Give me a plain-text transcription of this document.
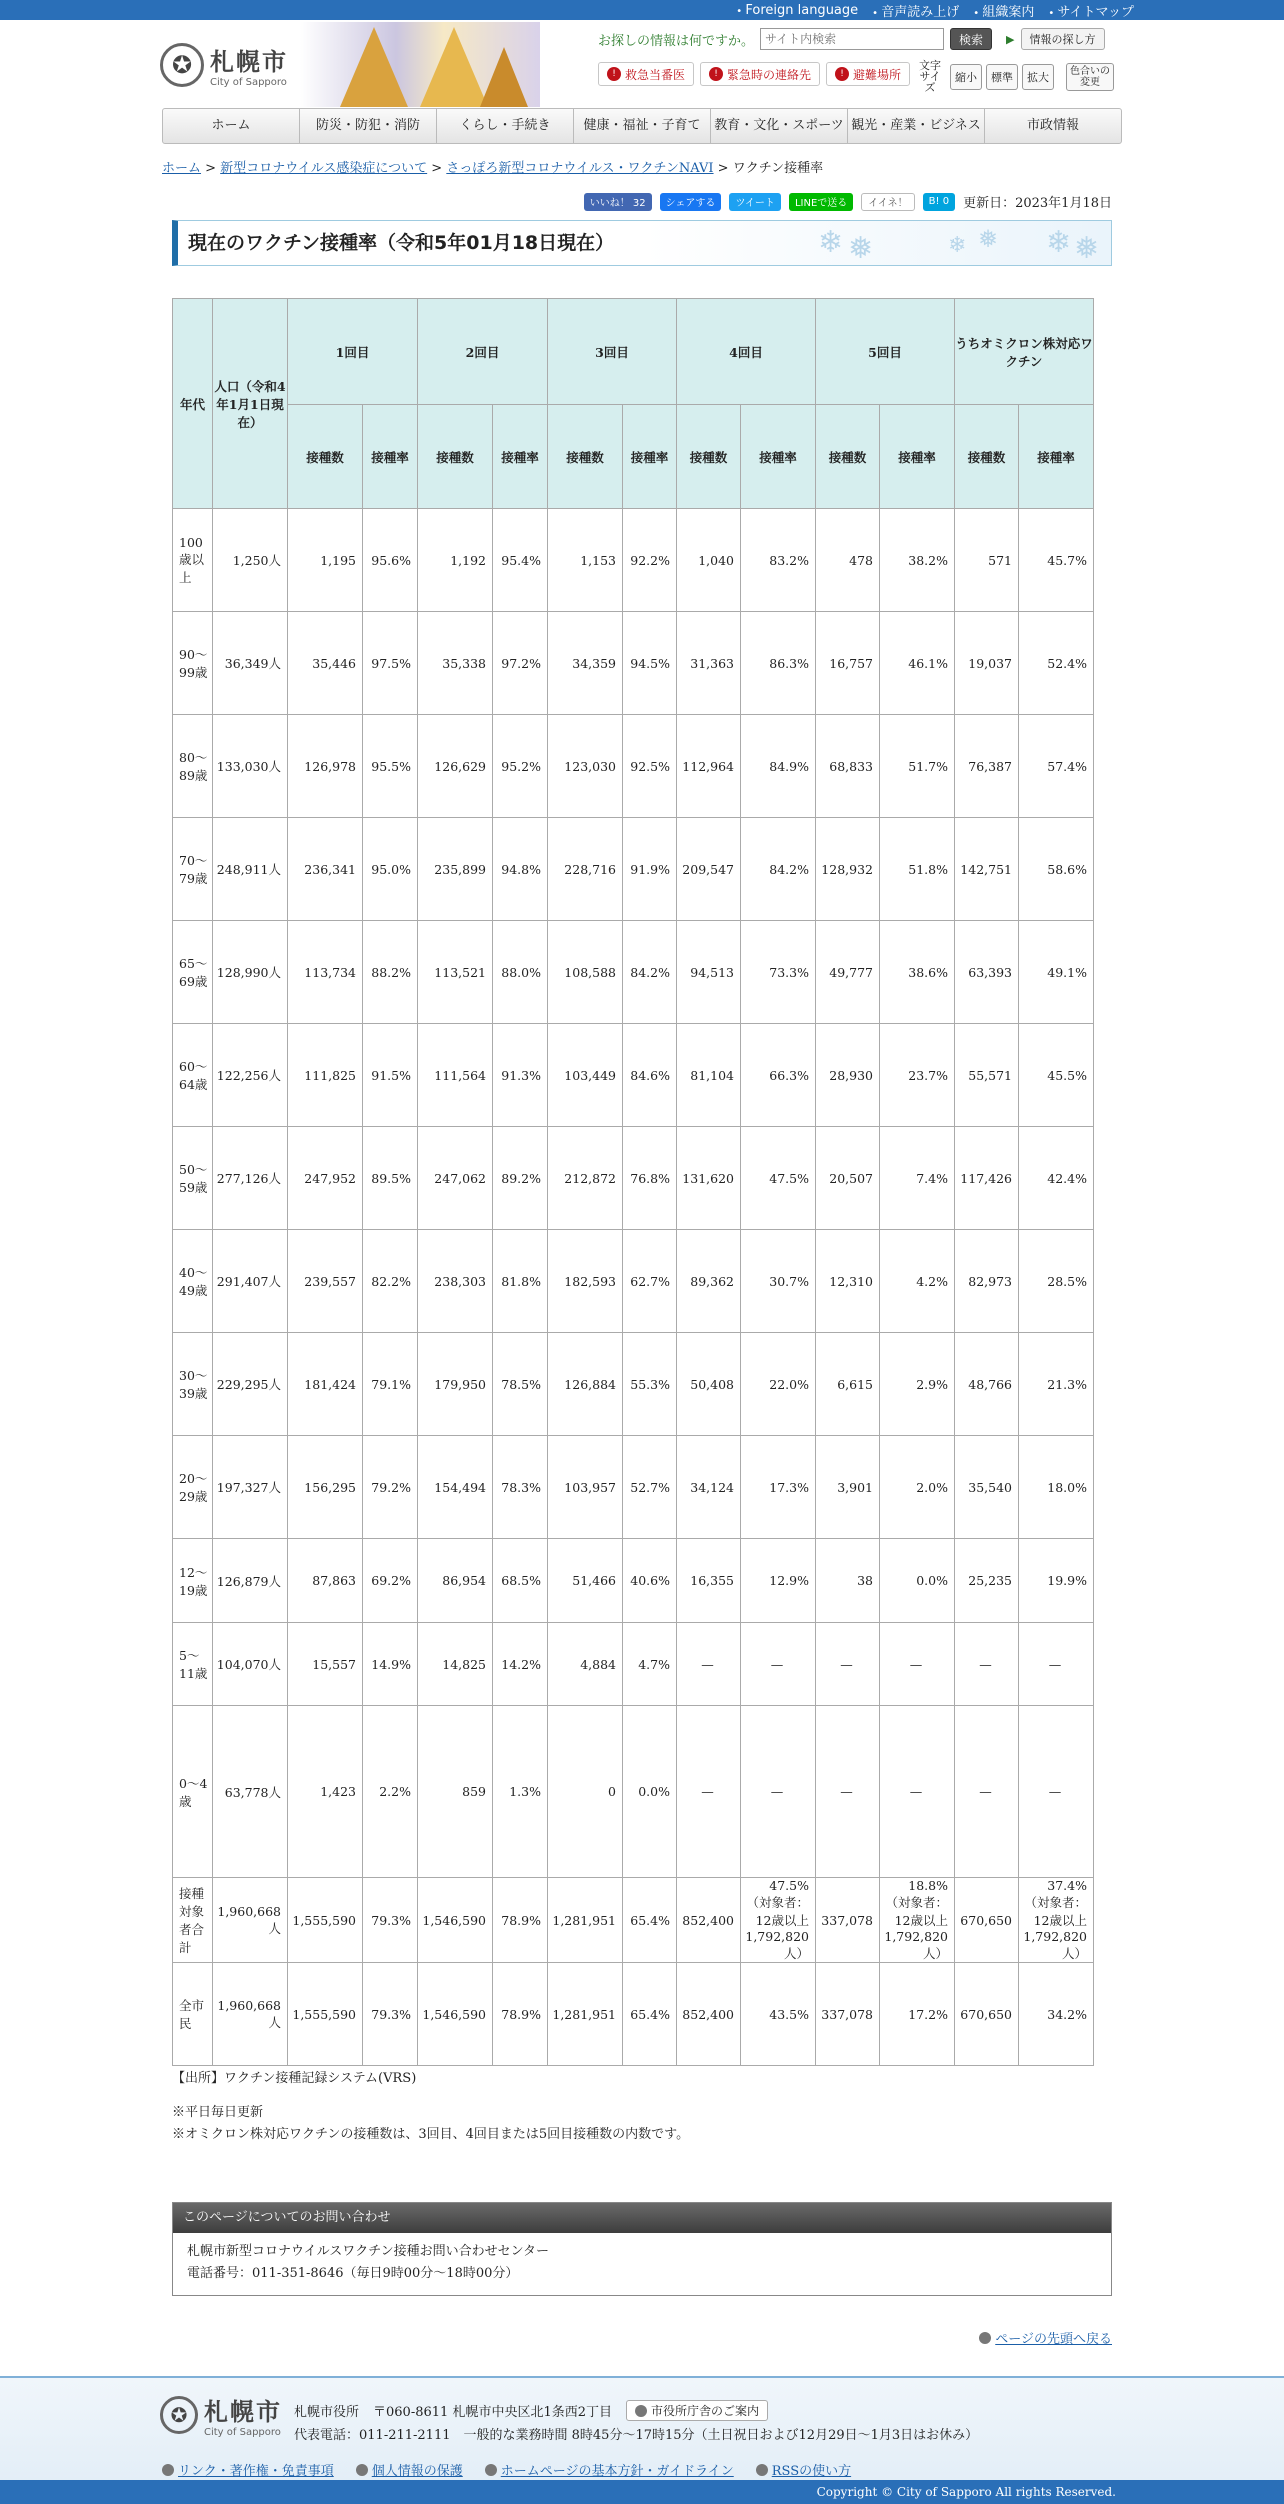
• Foreign language	• 音声読み上げ	• 組織案内	• サイトマップ
✪ 札幌市
City of Sapporo
お探しの情報は何ですか。
サイト内検索	検索	▶	情報の探し方
! 救急当番医	! 緊急時の連絡先	! 避難場所
文字サイズ
縮小	標準	拡大	色合いの変更
ホーム	防災・防犯・消防	くらし・手続き	健康・福祉・子育て	教育・文化・スポーツ 観光・産業・ビジネス	市政情報
ホーム > 新型コロナウイルス感染症について > さっぽろ新型コロナウイルス・ワクチンNAVI > ワクチン接種率
いいね！ 32	シェアする	ツイート	LINEで送る	イイネ！	B! 0	更新日：2023年1月18日
現在のワクチン接種率（令和5年01月18日現在）	❄ ❅	❄ ❅ ❄ ❅
年代	人口（令和4年1月1日現在）	1回目		2回目		3回目		4回目		5回目		うちオミクロン株対応ワクチン	
		接種数	接種率	接種数	接種率	接種数	接種率	接種数	接種率	接種数	接種率	接種数	接種率
100歳以上	1,250人	1,195	95.6%	1,192	95.4%	1,153	92.2%	1,040	83.2%	478	38.2%	571	45.7%
90～99歳	36,349人	35,446	97.5%	35,338	97.2%	34,359	94.5%	31,363	86.3%	16,757	46.1%	19,037	52.4%
80～89歳	133,030人	126,978	95.5%	126,629	95.2%	123,030	92.5%	112,964	84.9%	68,833	51.7%	76,387	57.4%
70～79歳	248,911人	236,341	95.0%	235,899	94.8%	228,716	91.9%	209,547	84.2%	128,932	51.8%	142,751	58.6%
65～69歳	128,990人	113,734	88.2%	113,521	88.0%	108,588	84.2%	94,513	73.3%	49,777	38.6%	63,393	49.1%
60～64歳	122,256人	111,825	91.5%	111,564	91.3%	103,449	84.6%	81,104	66.3%	28,930	23.7%	55,571	45.5%
50～59歳	277,126人	247,952	89.5%	247,062	89.2%	212,872	76.8%	131,620	47.5%	20,507	7.4%	117,426	42.4%
40～49歳	291,407人	239,557	82.2%	238,303	81.8%	182,593	62.7%	89,362	30.7%	12,310	4.2%	82,973	28.5%
30～39歳	229,295人	181,424	79.1%	179,950	78.5%	126,884	55.3%	50,408	22.0%	6,615	2.9%	48,766	21.3%
20～29歳	197,327人	156,295	79.2%	154,494	78.3%	103,957	52.7%	34,124	17.3%	3,901	2.0%	35,540	18.0%
12～19歳	126,879人	87,863	69.2%	86,954	68.5%	51,466	40.6%	16,355	12.9%	38	0.0%	25,235	19.9%
5～11歳	104,070人	15,557	14.9%	14,825	14.2%	4,884	4.7%	—	—	—	—	—	—
0～4歳	63,778人	1,423	2.2%	859	1.3%	0	0.0%	—	—	—	—	—	—
接種対象者合計	1,960,668人	1,555,590	79.3%	1,546,590	78.9%	1,281,951	65.4%	852,400	47.5%（対象者：12歳以上1,792,820人）	337,078	18.8%（対象者：12歳以上1,792,820人）	670,650	37.4%（対象者：12歳以上1,792,820人）
全市民	1,960,668人	1,555,590	79.3%	1,546,590	78.9%	1,281,951	65.4%	852,400	43.5%	337,078	17.2%	670,650	34.2%

【出所】ワクチン接種記録システム(VRS)

※平日毎日更新
※オミクロン株対応ワクチンの接種数は、3回目、4回目または5回目接種数の内数です。
このページについてのお問い合わせ
札幌市新型コロナウイルスワクチン接種お問い合わせセンター
電話番号：011-351-8646（毎日9時00分～18時00分）
ページの先頭へ戻る
✪ 札幌市
City of Sapporo
札幌市役所 〒060-8611 札幌市中央区北1条西2丁目	市役所庁舎のご案内
代表電話：011-211-2111　一般的な業務時間 8時45分～17時15分（土日祝日および12月29日～1月3日はお休み）
リンク・著作権・免責事項	個人情報の保護	ホームページの基本方針・ガイドライン	RSSの使い方
Copyright © City of Sapporo All rights Reserved.
